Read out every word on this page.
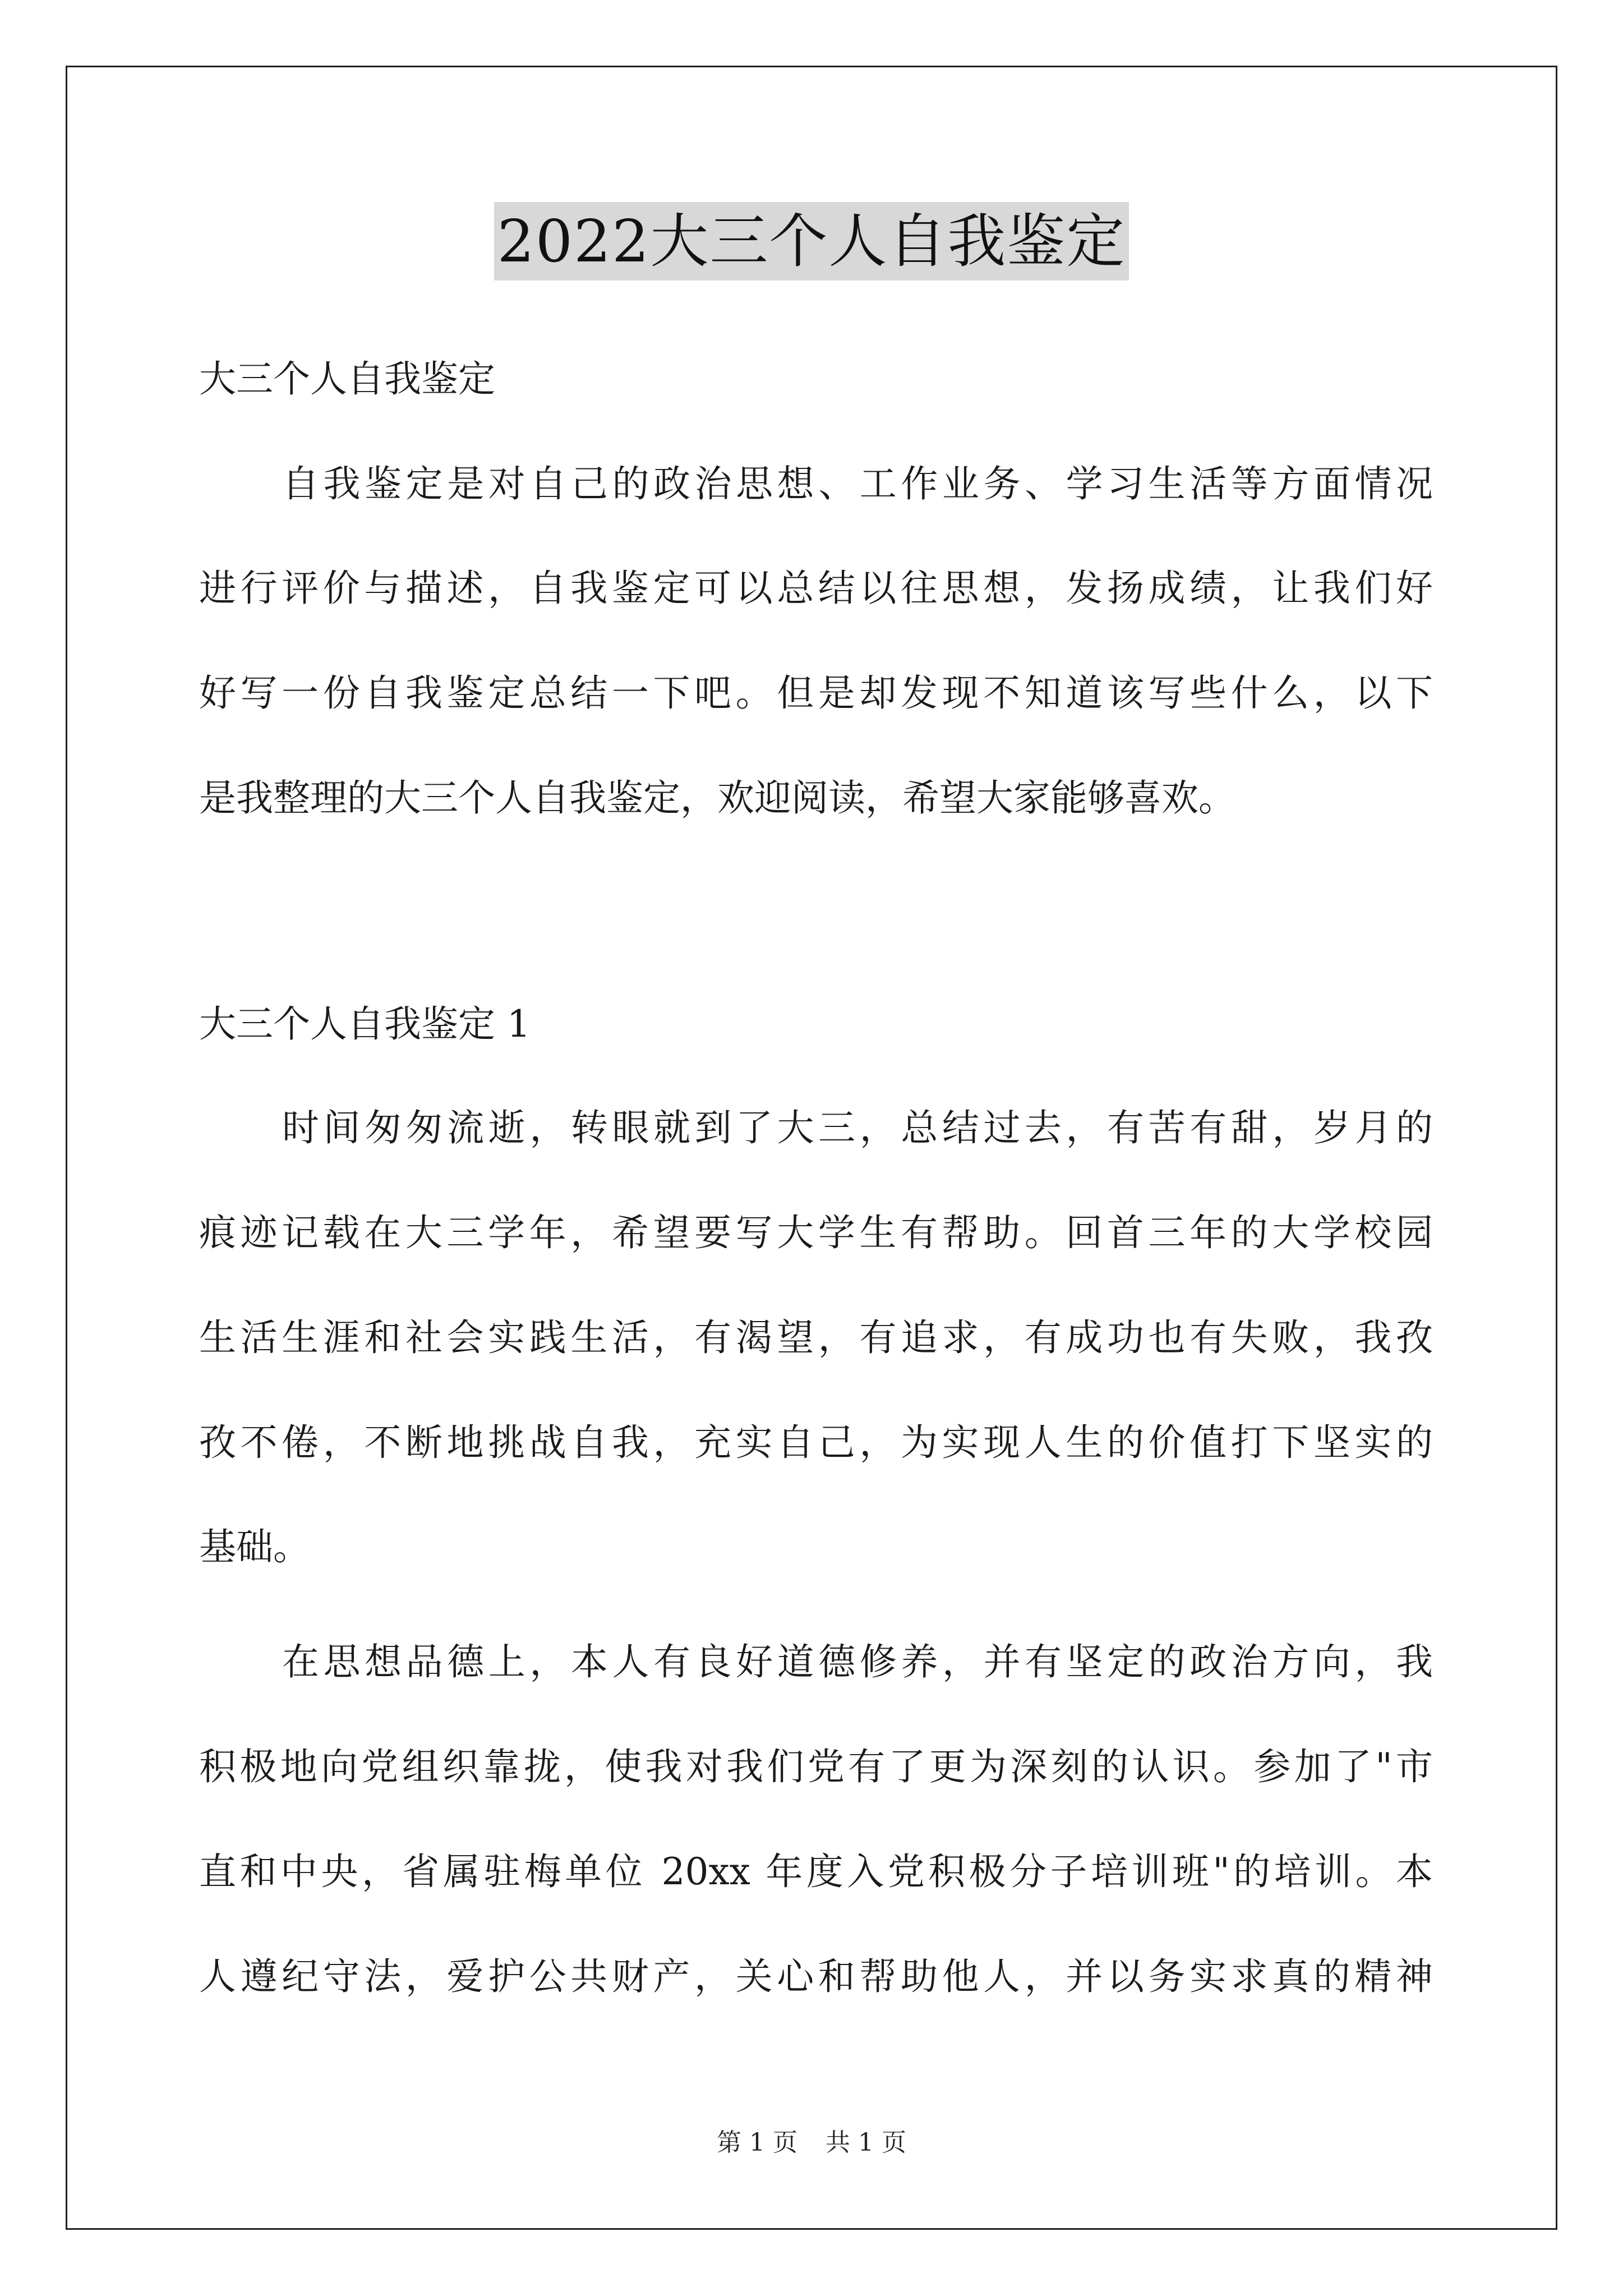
2022大三个人自我鉴定
大三个人自我鉴定
自我鉴定是对自己的政治思想、工作业务、学习生活等方面情况
进行评价与描述，自我鉴定可以总结以往思想，发扬成绩，让我们好
好写一份自我鉴定总结一下吧。但是却发现不知道该写些什么，以下
是我整理的大三个人自我鉴定，欢迎阅读，希望大家能够喜欢。
大三个人自我鉴定 1
时间匆匆流逝，转眼就到了大三，总结过去，有苦有甜，岁月的
痕迹记载在大三学年，希望要写大学生有帮助。回首三年的大学校园
生活生涯和社会实践生活，有渴望，有追求，有成功也有失败，我孜
孜不倦，不断地挑战自我，充实自己，为实现人生的价值打下坚实的
基础。
在思想品德上，本人有良好道德修养，并有坚定的政治方向，我
积极地向党组织靠拢，使我对我们党有了更为深刻的认识。参加了"市
直和中央，省属驻梅单位 20xx 年度入党积极分子培训班"的培训。本
人遵纪守法，爱护公共财产，关心和帮助他人，并以务实求真的精神
第 1 页 共 1 页
